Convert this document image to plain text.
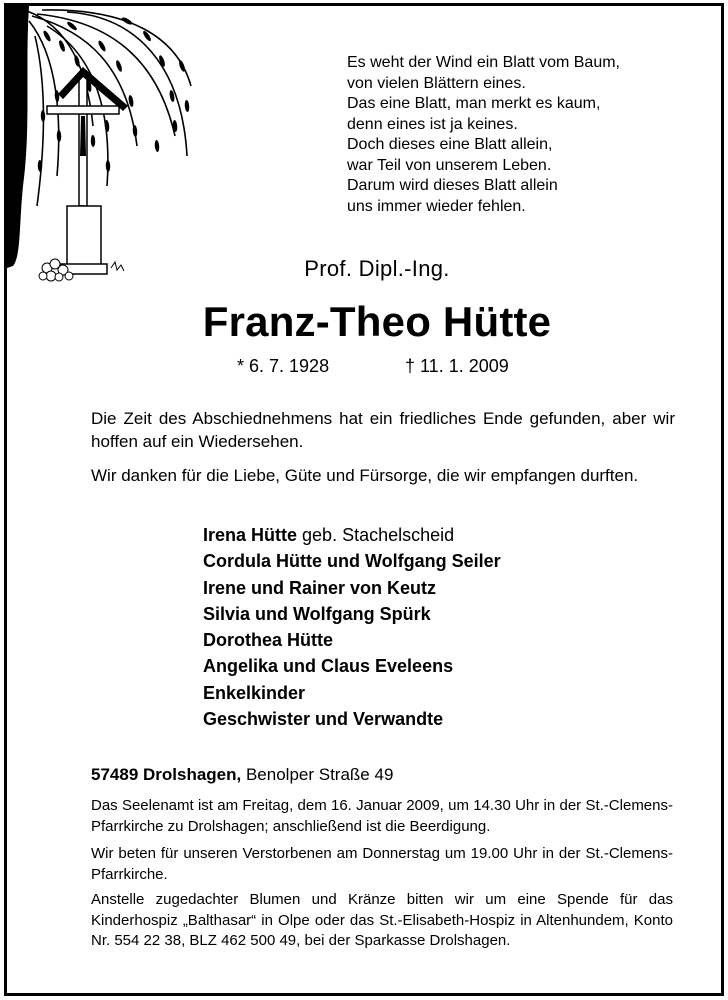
Es weht der Wind ein Blatt vom Baum,
von vielen Blättern eines.
Das eine Blatt, man merkt es kaum,
denn eines ist ja keines.
Doch dieses eine Blatt allein,
war Teil von unserem Leben.
Darum wird dieses Blatt allein
uns immer wieder fehlen.
Prof. Dipl.-Ing.
Franz-Theo Hütte
* 6. 7. 1928	† 11. 1. 2009
Die Zeit des Abschiednehmens hat ein friedliches Ende gefunden, aber wir hoffen auf ein Wiedersehen.
Wir danken für die Liebe, Güte und Fürsorge, die wir empfangen durften.
Irena Hütte geb. Stachelscheid
Cordula Hütte und Wolfgang Seiler
Irene und Rainer von Keutz
Silvia und Wolfgang Spürk
Dorothea Hütte
Angelika und Claus Eveleens
Enkelkinder
Geschwister und Verwandte
57489 Drolshagen, Benolper Straße 49
Das Seelenamt ist am Freitag, dem 16. Januar 2009, um 14.30 Uhr in der St.-Clemens-Pfarrkirche zu Drolshagen; anschließend ist die Beerdigung.
Wir beten für unseren Verstorbenen am Donnerstag um 19.00 Uhr in der St.-Clemens-Pfarrkirche.
Anstelle zugedachter Blumen und Kränze bitten wir um eine Spende für das Kinderhospiz „Balthasar“ in Olpe oder das St.-Elisabeth-Hospiz in Altenhundem, Konto Nr. 554 22 38, BLZ 462 500 49, bei der Sparkasse Drolshagen.
